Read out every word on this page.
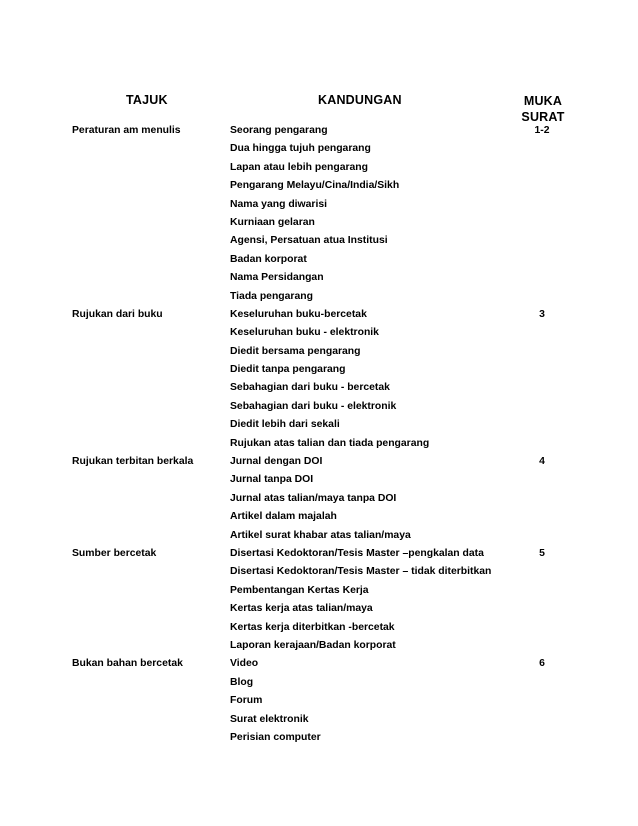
TAJUK	KANDUNGAN	MUKA
SURAT
Peraturan am menulis	Seorang pengarang	1-2
Dua hingga tujuh pengarang
Lapan atau lebih pengarang
Pengarang Melayu/Cina/India/Sikh
Nama yang diwarisi
Kurniaan gelaran
Agensi, Persatuan atua Institusi
Badan korporat
Nama Persidangan
Tiada pengarang
Rujukan dari buku	Keseluruhan buku-bercetak	3
Keseluruhan buku - elektronik
Diedit bersama pengarang
Diedit tanpa pengarang
Sebahagian dari buku - bercetak
Sebahagian dari buku - elektronik
Diedit lebih dari sekali
Rujukan atas talian dan tiada pengarang
Rujukan terbitan berkala	Jurnal dengan DOI	4
Jurnal tanpa DOI
Jurnal atas talian/maya tanpa DOI
Artikel dalam majalah
Artikel surat khabar atas talian/maya
Sumber bercetak	Disertasi Kedoktoran/Tesis Master –pengkalan data	5
Disertasi Kedoktoran/Tesis Master – tidak diterbitkan
Pembentangan Kertas Kerja
Kertas kerja atas talian/maya
Kertas kerja diterbitkan -bercetak
Laporan kerajaan/Badan korporat
Bukan bahan bercetak	Video	6
Blog
Forum
Surat elektronik
Perisian computer
